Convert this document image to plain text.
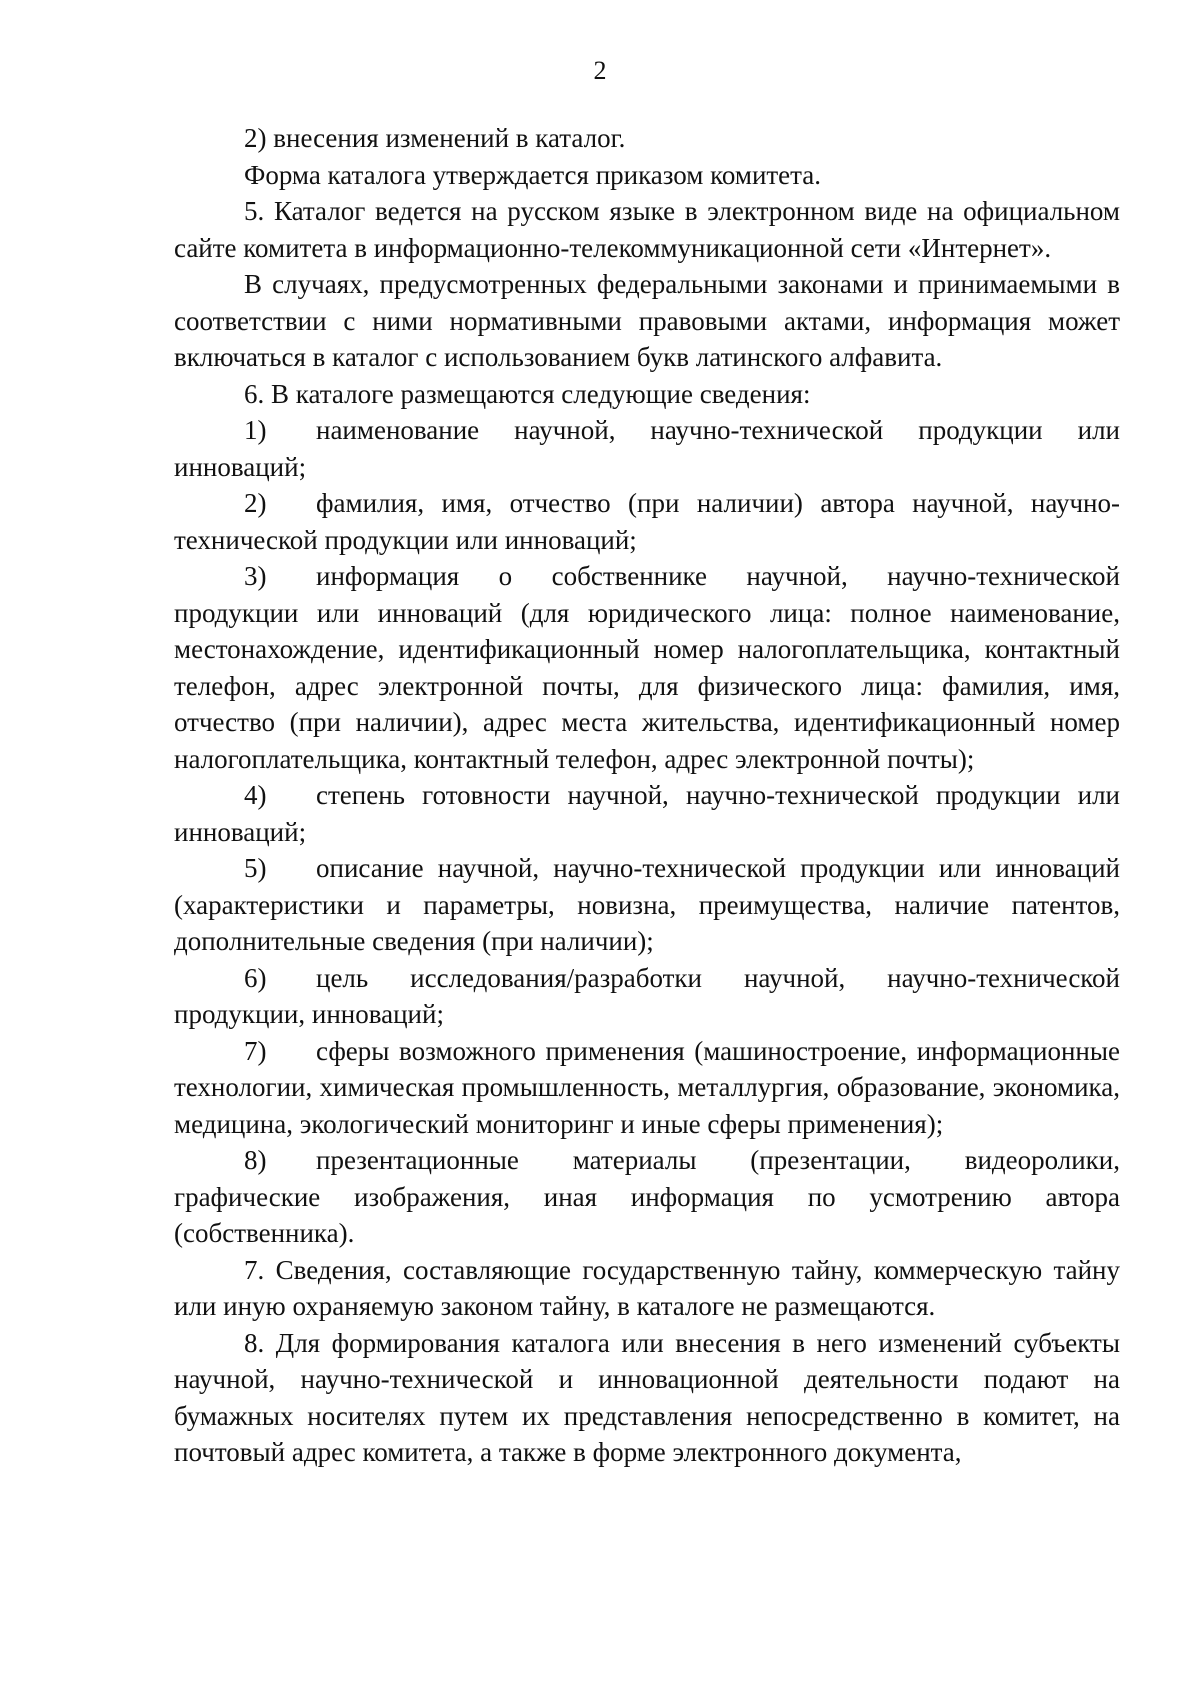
2

2) внесения изменений в каталог.

Форма каталога утверждается приказом комитета.

5. Каталог ведется на русском языке в электронном виде на официальном сайте комитета в информационно-телекоммуникационной сети «Интернет».

В случаях, предусмотренных федеральными законами и принимаемыми в соответствии с ними нормативными правовыми актами, информация может включаться в каталог с использованием букв латинского алфавита.

6. В каталоге размещаются следующие сведения:

1) наименование научной, научно-технической продукции или инноваций;

2) фамилия, имя, отчество (при наличии) автора научной, научно-технической продукции или инноваций;

3) информация о собственнике научной, научно-технической продукции или инноваций (для юридического лица: полное наименование, местонахождение, идентификационный номер налогоплательщика, контактный телефон, адрес электронной почты, для физического лица: фамилия, имя, отчество (при наличии), адрес места жительства, идентификационный номер налогоплательщика, контактный телефон, адрес электронной почты);

4) степень готовности научной, научно-технической продукции или инноваций;

5) описание научной, научно-технической продукции или инноваций (характеристики и параметры, новизна, преимущества, наличие патентов, дополнительные сведения (при наличии);

6) цель исследования/разработки научной, научно-технической продукции, инноваций;

7) сферы возможного применения (машиностроение, информационные технологии, химическая промышленность, металлургия, образование, экономика, медицина, экологический мониторинг и иные сферы применения);

8) презентационные материалы (презентации, видеоролики, графические изображения, иная информация по усмотрению автора (собственника).

7. Сведения, составляющие государственную тайну, коммерческую тайну или иную охраняемую законом тайну, в каталоге не размещаются.

8. Для формирования каталога или внесения в него изменений субъекты научной, научно-технической и инновационной деятельности подают на бумажных носителях путем их представления непосредственно в комитет, на почтовый адрес комитета, а также в форме электронного документа,
